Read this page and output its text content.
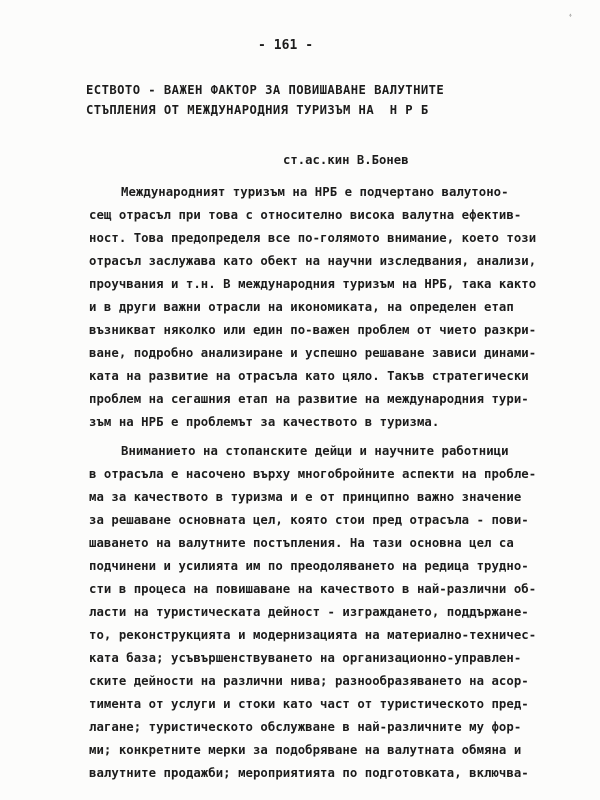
⸗
- 161 -
ЕСТВОТО - ВАЖЕН ФАКТОР ЗА ПОВИШАВАНЕ ВАЛУТНИТЕ
СТЪПЛЕНИЯ ОТ МЕЖДУНАРОДНИЯ ТУРИЗЪМ НА  Н Р Б
ст.ас.кин В.Бонев
Международният туризъм на НРБ е подчертано валутоно-
сещ отрасъл при това с относително висока валутна ефектив-
ност. Това предопределя все по-голямото внимание, което този
отрасъл заслужава като обект на научни изследвания, анализи,
проучвания и т.н. В международния туризъм на НРБ, така както
и в други важни отрасли на икономиката, на определен етап
възникват няколко или един по-важен проблем от чието разкри-
ване, подробно анализиране и успешно решаване зависи динами-
ката на развитие на отрасъла като цяло. Такъв стратегически
проблем на сегашния етап на развитие на международния тури-
зъм на НРБ е проблемът за качеството в туризма.
Вниманието на стопанските дейци и научните работници
в отрасъла е насочено върху многобройните аспекти на пробле-
ма за качеството в туризма и е от принципно важно значение
за решаване основната цел, която стои пред отрасъла - пови-
шаването на валутните постъпления. На тази основна цел са
подчинени и усилията им по преодоляването на редица трудно-
сти в процеса на повишаване на качеството в най-различни об-
ласти на туристическата дейност - изграждането, поддържане-
то, реконструкцията и модернизацията на материално-техничес-
ката база; усъвършенствуването на организационно-управлен-
ските дейности на различни нива; разнообразяването на асор-
тимента от услуги и стоки като част от туристическото пред-
лагане; туристическото обслужване в най-различните му фор-
ми; конкретните мерки за подобряване на валутната обмяна и
валутните продажби; мероприятията по подготовката, включва-
